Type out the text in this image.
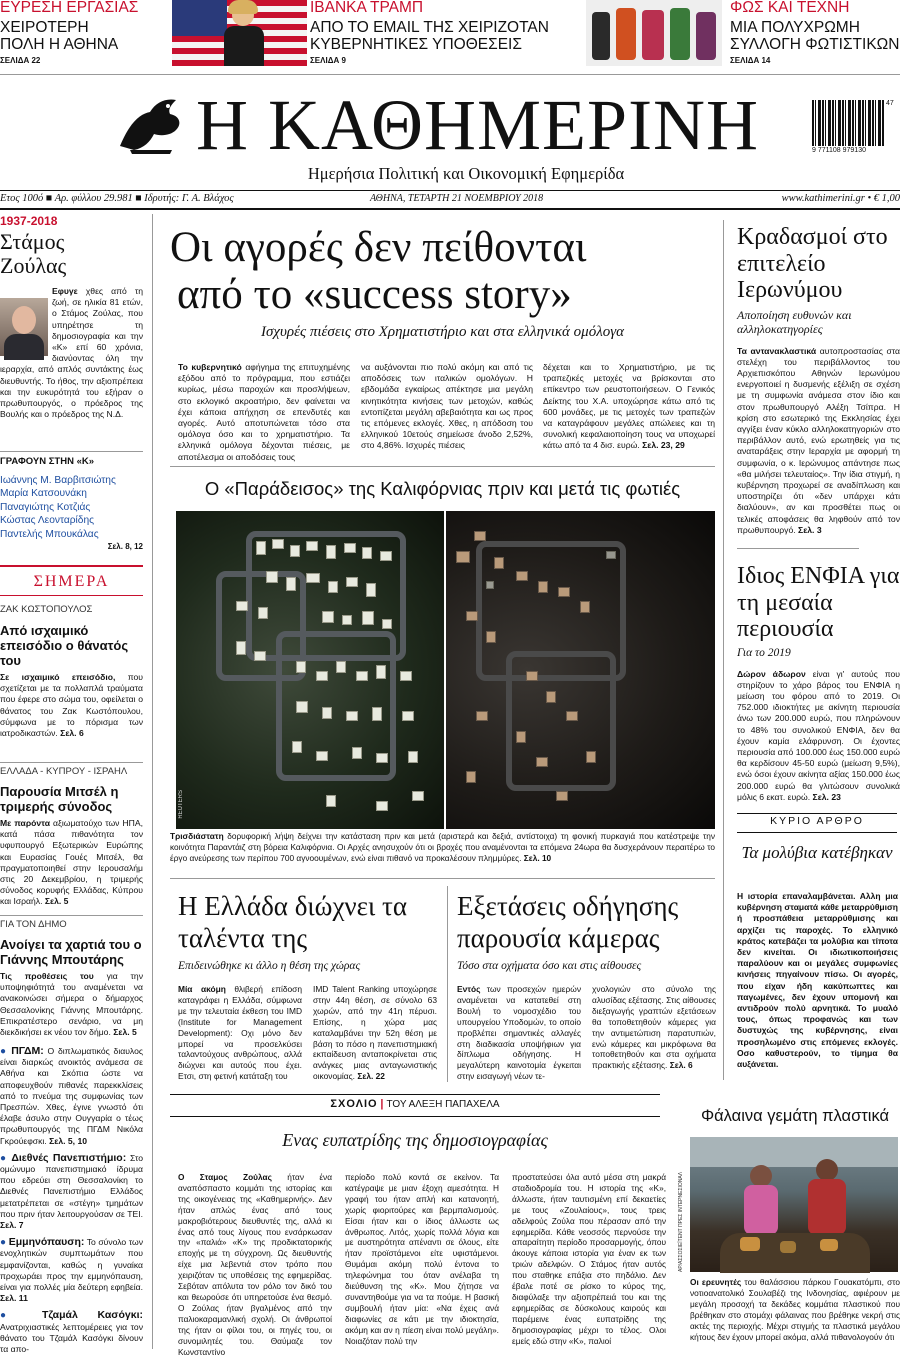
ΕΥΡΕΣΗ ΕΡΓΑΣΙΑΣ
ΧΕΙΡΟΤΕΡΗ
ΠΟΛΗ Η ΑΘΗΝΑ
ΣΕΛΙΔΑ 22
ΙΒΑΝΚΑ ΤΡΑΜΠ
ΑΠΟ ΤΟ EMAIL ΤΗΣ ΧΕΙΡΙΖΟΤΑΝ
ΚΥΒΕΡΝΗΤΙΚΕΣ ΥΠΟΘΕΣΕΙΣ
ΣΕΛΙΔΑ 9
ΦΩΣ ΚΑΙ ΤΕΧΝΗ
ΜΙΑ ΠΟΛΥΧΡΩΜΗ
ΣΥΛΛΟΓΗ ΦΩΤΙΣΤΙΚΩΝ
ΣΕΛΙΔΑ 14
Η ΚΑΘΗΜΕΡΙΝΗ
Ημερήσια Πολιτική και Οικονομική Εφημερίδα
47
9 771108 979130
Ετος 100ό ■ Αρ. φύλλου 29.981 ■ Ιδρυτής: Γ. Α. Βλάχος	ΑΘΗΝΑ, ΤΕΤΑΡΤΗ 21 ΝΟΕΜΒΡΙΟΥ 2018	www.kathimerini.gr • € 1,00
1937-2018
Στάμος
Ζούλας
Εφυγε χθες από τη ζωή, σε ηλικία 81 ετών, ο Στάμος Ζούλας, που υπηρέτησε τη δημοσιογραφία και την «Κ» επί 60 χρόνια, διανύοντας όλη την ιεραρχία, από απλός συντάκτης έως διευθυντής. Το ήθος, την αξιοπρέπεια και την ευκυρότητά του εξήραν ο πρωθυπουργός, ο πρόεδρος της Βουλής και ο πρόεδρος της Ν.Δ.
ΓΡΑΦΟΥΝ ΣΤΗΝ «Κ»
Ιωάννης Μ. Βαρβιτσιώτης
Μαρία Κατσουνάκη
Παναγιώτης Κοτζιάς
Κώστας Λεονταρίδης
Παντελής Μπουκάλας
Σελ. 8, 12
ΣΗΜΕΡΑ
ΖΑΚ ΚΩΣΤΟΠΟΥΛΟΣ
Από ισχαιμικό επεισόδιο ο θάνατός του
Σε ισχαιμικό επεισόδιο, που σχετίζεται με τα πολλαπλά τραύματα που έφερε στο σώμα του, οφείλεται ο θάνατος του Ζακ Κωστόπουλου, σύμφωνα με το πόρισμα των ιατροδικαστών. Σελ. 6
ΕΛΛΑΔΑ - ΚΥΠΡΟΥ - ΙΣΡΑΗΛ
Παρουσία Μιτσέλ η τριμερής σύνοδος
Με παρόντα αξιωματούχο των ΗΠΑ, κατά πάσα πιθανότητα τον υφυπουργό Εξωτερικών Ευρώπης και Ευρασίας Γουές Μιτσέλ, θα πραγματοποιηθεί στην Ιερουσαλήμ στις 20 Δεκεμβρίου, η τριμερής σύνοδος κορυφής Ελλάδας, Κύπρου και Ισραήλ. Σελ. 5
ΓΙΑ ΤΟΝ ΔΗΜΟ
Ανοίγει τα χαρτιά του ο Γιάννης Μπουτάρης
Τις προθέσεις του για την υποψηφιότητά του αναμένεται να ανακοινώσει σήμερα ο δήμαρχος Θεσσαλονίκης Γιάννης Μπουτάρης. Επικρατέστερο σενάριο, να μη διεκδικήσει εκ νέου τον δήμο. Σελ. 5
● ΠΓΔΜ: Ο διπλωματικός διαυλος είναι διαρκώς ανοικτός ανάμεσα σε Αθήνα και Σκόπια ώστε να αποφευχθούν πιθανές παρεκκλίσεις από το πνεύμα της συμφωνίας των Πρεσπών. Χθες, έγινε γνωστό ότι έλαβε άσυλο στην Ουγγαρία ο τέως πρωθυπουργός της ΠΓΔΜ Νικόλα Γκρούεφσκι. Σελ. 5, 10
● Διεθνές Πανεπιστήμιο: Στο ομώνυμο πανεπιστημιακό ίδρυμα που εδρεύει στη Θεσσαλονίκη το Διεθνές Πανεπιστήμιο Ελλάδος μετατρέπεται σε «στέγη» τμημάτων που πριν ήταν λειτουργούσαν σε ΤΕΙ. Σελ. 7
● Εμμηνόπαυση: Το σύνολο των ενοχλητικών συμπτωμάτων που εμφανίζονται, καθώς η γυναίκα προχωράει προς την εμμηνόπαυση, είναι για πολλές μία δεύτερη εφηβεία. Σελ. 11
● Τζαμάλ Κασόγκι: Ανατριχιαστικές λεπτομέρειες για τον θάνατο του Τζαμάλ Κασόγκι δίνουν τα απο-
Οι αγορές δεν πείθονται
από το «success story»
Ισχυρές πιέσεις στο Χρηματιστήριο και στα ελληνικά ομόλογα
Το κυβερνητικό αφήγημα της επιτυχημένης εξόδου από το πρόγραμμα, που εστιάζει κυρίως, μέσω παροχών και προσλήψεων, στο εκλογικό ακροατήριο, δεν φαίνεται να έχει κάποια απήχηση σε επενδυτές και αγορές. Αυτό αποτυπώνεται τόσο στα ομόλογα όσο και το χρηματιστήριο. Τα ελληνικά ομόλογα δέχονται πιέσεις, με αποτέλεσμα οι αποδόσεις τους
να αυξάνονται πιο πολύ ακόμη και από τις αποδόσεις των ιταλικών ομολόγων. Η εβδομάδα εγκαίρως απέκτησε μια μεγάλη κινητικότητα κινήσεις των μετοχών, καθώς εντοπίζεται μεγάλη αβεβαιότητα και ως προς τις επόμενες εκλογές. Χθες, η απόδοση του ελληνικού 10ετούς σημείωσε άνοδο 2,52%, στο 4,86%. Ισχυρές πιέσεις
δέχεται και το Χρηματιστήριο, με τις τραπεζικές μετοχές να βρίσκονται στο επίκεντρο των ρευστοποιήσεων. Ο Γενικός Δείκτης του Χ.Α. υποχώρησε κάτω από τις 600 μονάδες, με τις μετοχές των τραπεζών να καταγράφουν μεγάλες απώλειες και τη συνολική κεφαλαιοποίηση τους να υποχωρεί κάτω από τα 4 δισ. ευρώ. Σελ. 23, 29
Ο «Παράδεισος» της Καλιφόρνιας πριν και μετά τις φωτιές
REUTERS
Τρισδιάστατη δορυφορική λήψη δείχνει την κατάσταση πριν και μετά (αριστερά και δεξιά, αντίστοιχα) τη φονική πυρκαγιά που κατέστρεψε την κοινότητα Παραντάιζ στη βόρεια Καλιφόρνια. Οι Αρχές ανησυχούν ότι οι βροχές που αναμένονται τα επόμενα 24ωρα θα δυσχεράνουν περαιτέρω το έργο ανεύρεσης των περίπου 700 αγνοουμένων, ενώ είναι πιθανό να προκαλέσουν πλημμύρες. Σελ. 10
Κραδασμοί στο επιτελείο Ιερωνύμου
Αποποίηση ευθυνών και αλληλοκατηγορίες
Τα αντανακλαστικά αυτοπροστασίας στα στελέχη του περιβάλλοντος του Αρχιεπισκόπου Αθηνών Ιερωνύμου ενεργοποιεί η δυσμενής εξέλιξη σε σχέση με τη συμφωνία ανάμεσα στον ίδιο και στον πρωθυπουργό Αλέξη Τσίπρα. Η κρίση στο εσωτερικό της Εκκλησίας έχει αγγίξει έναν κύκλο αλληλοκατηγοριών στο περιβάλλον αυτό, ενώ ερωτηθείς για τις αναταράξεις στην Ιεραρχία με αφορμή τη συμφωνία, ο κ. Ιερώνυμος απάντησε πως «θα μιλήσει τελευταίος». Την ίδια στιγμή, η κυβέρνηση προχωρεί σε αναδίπλωση και υποστηρίζει ότι «δεν υπάρχει κάτι διαλύουν», αν και προσθέτει πως οι τελικές αποφάσεις θα ληφθούν από τον πρωθυπουργό. Σελ. 3
Ιδιος ΕΝΦΙΑ για τη μεσαία περιουσία
Για το 2019
Δώρον άδωρον είναι γι' αυτούς που στηρίζουν το χάρο βάρος του ΕΝΦΙΑ η μείωση του φόρου από το 2019. Οι 752.000 ιδιοκτήτες με ακίνητη περιουσία άνω των 200.000 ευρώ, που πληρώνουν το 48% του συνολικού ΕΝΦΙΑ, δεν θα έχουν καμία ελάφρυνση. Οι έχοντες περιουσία από 100.000 έως 150.000 ευρώ θα κερδίσουν 45-50 ευρώ (μείωση 9,5%), ενώ όσοι έχουν ακίνητα αξίας 150.000 έως 200.000 ευρώ θα γλιτώσουν συνολικά μόλις 6 εκατ. ευρώ. Σελ. 23
ΚΥΡΙΟ ΑΡΘΡΟ
Τα μολύβια κατέβηκαν
Η ιστορία επαναλαμβάνεται. Αλλη μια κυβέρνηση σταματά κάθε μεταρρύθμιση ή προσπάθεια μεταρρύθμισης και αρχίζει τις παροχές. Το ελληνικό κράτος κατεβάζει τα μολύβια και τίποτα δεν κινείται. Οι ιδιωτικοποιήσεις παραλύουν και οι μεγάλες συμφωνίες κινήσεις πηγαίνουν πίσω. Οι αγορές, που είχαν ήδη κακύπωπτες και παγωμένες, δεν έχουν υπομονή και αντιδρούν πολύ αρνητικά. Το μυαλό τους, όπως προφανώς και των δυστυχώς της κυβέρνησης, είναι προσηλωμένο στις επόμενες εκλογές. Οσο καθυστερούν, το τίμημα θα αυξάνεται.
Η Ελλάδα διώχνει τα ταλέντα της
Επιδεινώθηκε κι άλλο η θέση της χώρας
Μία ακόμη θλιβερή επίδοση καταγράφει η Ελλάδα, σύμφωνα με την τελευταία έκθεση του IMD (Institute for Management Development): Οχι μόνο δεν μπορεί να προσελκύσει ταλαντούχους ανθρώπους, αλλά διώχνει και αυτούς που έχει. Ετσι, στη φετινή κατάταξη του
IMD Talent Ranking υποχώρησε στην 44η θέση, σε σύνολο 63 χωρών, από την 41η πέρυσι. Επίσης, η χώρα μας καταλαμβάνει την 52η θέση με βάση το πόσο η πανεπιστημιακή εκπαίδευση ανταποκρίνεται στις ανάγκες μιας ανταγωνιστικής οικονομίας. Σελ. 22
Εξετάσεις οδήγησης παρουσία κάμερας
Τόσο στα οχήματα όσο και στις αίθουσες
Εντός των προσεχών ημερών αναμένεται να κατατεθεί στη Βουλή το νομοσχέδιο του υπουργείου Υποδομών, το οποίο προβλέπει σημαντικές αλλαγές στη διαδικασία υποψήφιων για δίπλωμα οδήγησης. Η μεγαλύτερη καινοτομία έγκειται στην εισαγωγή νέων τε-
χνολογιών στο σύνολο της αλυσίδας εξέτασης. Στις αίθουσες διεξαγωγής γραπτών εξετάσεων θα τοποθετηθούν κάμερες για την αντιμετώπιση παρατυπιών, ενώ κάμερες και μικρόφωνα θα τοποθετηθούν και στα οχήματα πρακτικής εξέτασης. Σελ. 6
ΣΧΟΛΙΟ | ΤΟΥ ΑΛΕΞΗ ΠΑΠΑΧΕΛΑ
Ενας ευπατρίδης της δημοσιογραφίας
Ο Σταμος Ζούλας ήταν ένα αναπόσπαστο κομμάτι της ιστορίας και της οικογένειας της «Καθημερινής». Δεν ήταν απλώς ένας από τους μακροβιότερους διευθυντές της, αλλά κι ένας από τους λίγους που ενσάρκωσαν την «παλιά» «Κ» της προδικτατορικής εποχής με τη σύγχρονη. Ως διευθυντής είχε μια λεβεντιά στον τρόπο που χειριζόταν τις υποθέσεις της εφημερίδας. Σεβόταν απόλυτα τον ρόλο τον δικό του και θεωρούσε ότι υπηρετούσε ένα θεσμό. Ο Ζούλας ήταν βγαλμένος από την παλιοκαραμανλική σχολή. Οι άνθρωποί της ήταν οι φίλοι του, οι πηγές του, οι συνομιλητές του. Θαύμαζε τον Κωνσταντίνο
περίοδο πολύ κοντά σε εκείνον. Τα κατέγραψε με μιαν έξοχη αμεσότητα. Η γραφή του ήταν απλή και κατανοητή, χωρίς φιοριτούρες και βερμπαλισμούς. Είσαι ήταν και ο ίδιος άλλωστε ως άνθρωπος. Λιτός, χωρίς πολλά λόγια και με αυστηρότητα απέναντι σε όλους, είτε ήταν προϊστάμενοι είτε υφιστάμενοι. Θυμάμαι ακόμη πολύ έντονα το τηλεφώνημα του όταν ανέλαβα τη διεύθυνση της «Κ». Μου ζήτησε να συναντηθούμε για να τα πούμε. Η βασική συμβουλή ήταν μία: «Να έχεις ανά διαφωνίες σε κάτι με την ιδιοκτησία, ακόμη και αν η πίεση είναι πολύ μεγάλη». Νοιαζόταν πολύ την
προστατεύσει όλα αυτό μέσα στη μακρά σταδιοδρομία του. Η ιστορία της «Κ», άλλωστε, ήταν ταυτισμένη επί δεκαετίες με τους «Ζουλαίους», τους τρεις αδελφούς Ζούλα που πέρασαν από την εφημερίδα. Κάθε νεοσσός περνούσε την απαραίτητη περίοδο προσαρμογής, όπου άκουγε κάποια ιστορία για έναν εκ των τριών αδελφών. Ο Στάμος ήταν αυτός που σταθηκε επάξια στο πηδάλιο. Δεν έβαλε ποτέ σε ρίσκο το κύρος της, διαφύλαξε την αξιοπρέπειά του και της εφημερίδας σε δύσκολους καιρούς και παρέμεινε ένας ευπατρίδης της δημοσιογραφίας μέχρι το τέλος. Ολοι εμείς εδώ στην «Κ», παλιοί
Φάλαινα γεμάτη πλαστικά
AP/ΑΣΣΟΣΙΕΪΤΕΝΤ ΠΡΕΣ ΙΝΤΕΡΝΕΣΙΟΝΑΛ
Οι ερευνητές του θαλάσσιου πάρκου Γουακατόμπι, στο νοτιοανατολικό Σουλαβέζι της Ινδονησίας, αφιέρουν με μεγάλη προσοχή τα δεκάδες κομμάτια πλαστικού που βρέθηκαν στο στομάχι φάλαινας που βρέθηκε νεκρή στις ακτές της περιοχής. Μέχρι στιγμής τα πλαστικά μεγάλου κήτους δεν έχουν μπορεί ακόμα, αλλά πιθανολογούν ότι
